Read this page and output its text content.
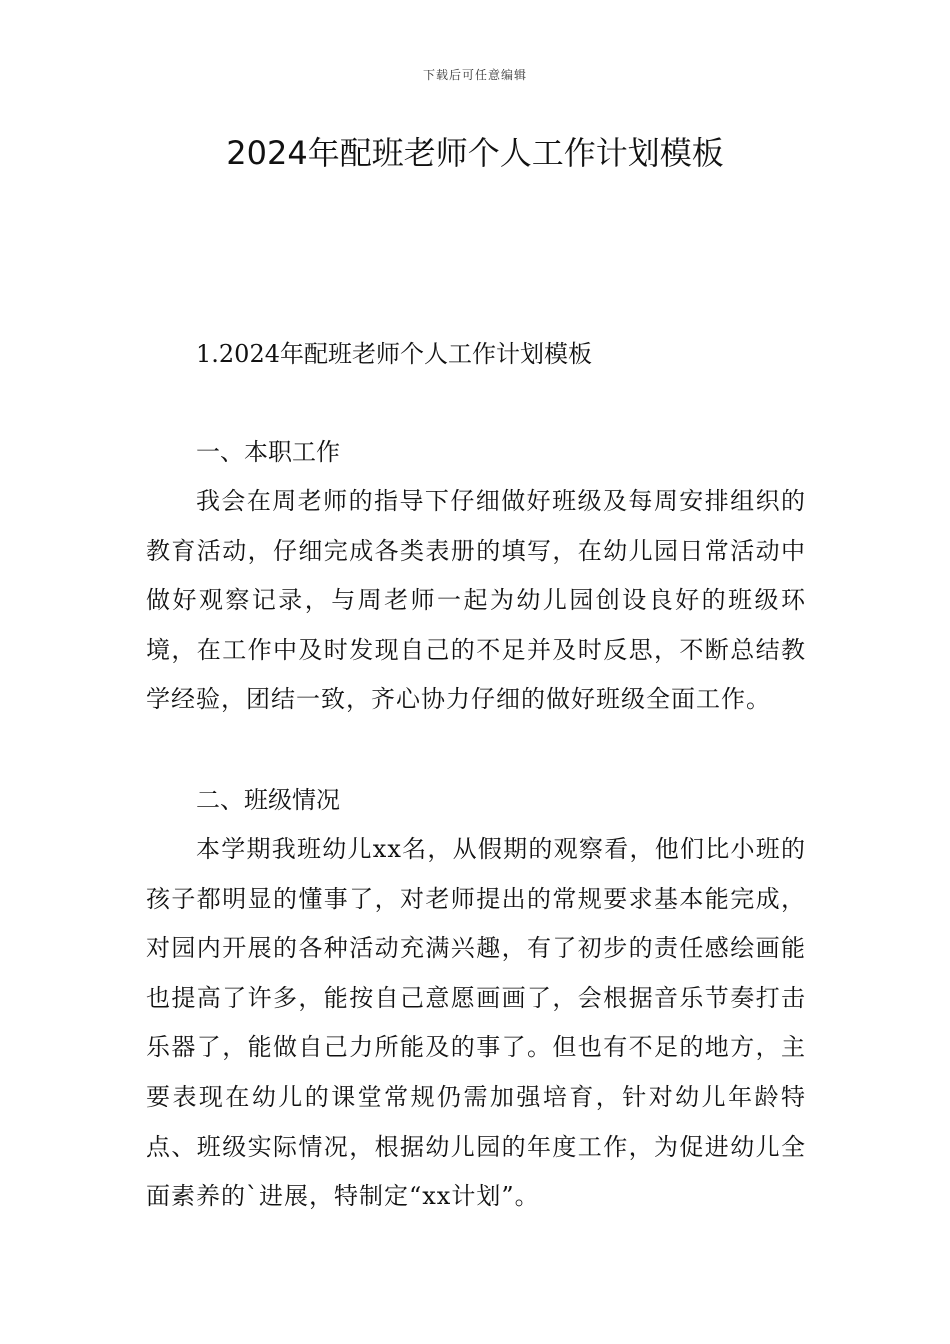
下载后可任意编辑
2024年配班老师个人工作计划模板
1.2024年配班老师个人工作计划模板
一、本职工作

我会在周老师的指导下仔细做好班级及每周安排组织的教育活动，仔细完成各类表册的填写，在幼儿园日常活动中做好观察记录，与周老师一起为幼儿园创设良好的班级环境，在工作中及时发现自己的不足并及时反思，不断总结教学经验，团结一致，齐心协力仔细的做好班级全面工作。

二、班级情况

本学期我班幼儿xx名，从假期的观察看，他们比小班的孩子都明显的懂事了，对老师提出的常规要求基本能完成，对园内开展的各种活动充满兴趣，有了初步的责任感绘画能也提高了许多，能按自己意愿画画了，会根据音乐节奏打击乐器了，能做自己力所能及的事了。但也有不足的地方，主要表现在幼儿的课堂常规仍需加强培育，针对幼儿年龄特点、班级实际情况，根据幼儿园的年度工作，为促进幼儿全面素养的`进展，特制定“xx计划”。
